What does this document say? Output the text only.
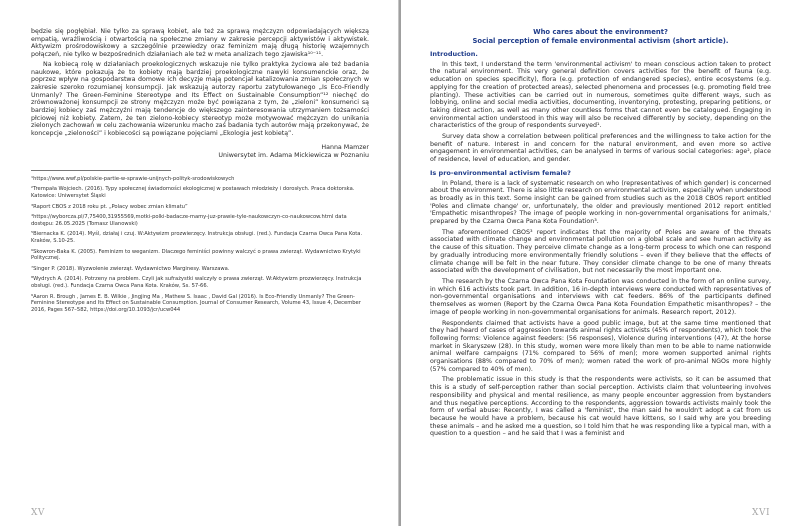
będzie się pogłębiał. Nie tylko za sprawą kobiet, ale też za sprawą mężczyzn odpowiadających większą empatią, wrażliwością i otwartością na społeczne zmiany w zakresie percepcji aktywistów i aktywistek. Aktywizm prośrodowiskowy a szczególnie przewiedzy oraz feminizm mają długą historię wzajemnych połączeń, nie tylko w bezpośrednich działaniach ale też w meta analizach tego zjawiska¹⁰⁻¹¹.

Na kobiecą rolę w działaniach proekologicznych wskazuje nie tylko praktyka życiowa ale też badania naukowe, które pokazują że to kobiety mają bardziej proekologiczne nawyki konsumenckie oraz, że poprzez wpływ na gospodarstwa domowe ich decyzje mają potencjał katalizowania zmian społecznych w zakresie szeroko rozumianej konsumpcji. Jak wskazują autorzy raportu zatytułowanego „Is Eco-Friendly Unmanly? The Green-Feminine Stereotype and Its Effect on Sustainable Consumption”¹² niechęć do zrównoważonej konsumpcji ze strony mężczyzn może być powiązana z tym, że „zieloni” konsumenci są bardziej kobiecy zaś mężczyźni mają tendencje do większego zainteresowania utrzymaniem tożsamości płciowej niż kobiety. Zatem, że ten zielono-kobiecy stereotyp może motywować mężczyzn do unikania zielonych zachowań w celu zachowania wizerunku macho zaś badania tych autorów mają przekonywać, że koncepcje „zieloności” i kobiecości są powiązane pojęciami „Ekologia jest kobietą”.

Hanna Mamzer
Uniwersytet im. Adama Mickiewicza w Poznaniu
¹https://www.wwf.pl/polskie-partie-w-sprawie-unijnych-polityk-srodowiskowych
²Trempała Wojciech. (2016). Typy społecznej świadomości ekologicznej w postawach młodzieży i dorosłych. Praca doktorska. Katowice: Uniwersytet Śląski
³Raport CBOS z 2018 roku pt. „Polacy wobec zmian klimatu”
⁴https://wyborcza.pl/7,75400,31955569,motki-polki-badacze-mamy-juz-prawie-tyle-naukowczyn-co-naukowcow.html data dostępu: 26.05.2025 (Tomasz Ulanowski)
⁵Biernacka K. (2014). Myśl, działaj i czuj. W:Aktywizm prozwierzęcy. Instrukcja obsługi. (red.). Fundacja Czarna Owca Pana Kota. Kraków, S.10-25.
⁶Skowron-Baka K. (2005). Feminizm to weganizm. Dlaczego feminiści powinny walczyć o prawa zwierząt. Wydawnictwo Krytyki Politycznej.
⁷Singer P. (2018). Wyzwolenie zwierząt. Wydawnictwo Marginesy. Warszawa.
⁸Wydrych A. (2014). Potrzeny na problem. Czyli jak sufrażystki walczyły o prawa zwierząt. W:Aktywizm prozwierzęcy. Instrukcja obsługi. (red.). Fundacja Czarna Owca Pana Kota. Kraków, Ss. 57-66.
⁹Aaron R. Brough , James E. B. Wilkie , Jingjing Ma , Mathew S. Isaac , David Gal (2016). Is Eco-Friendly Unmanly? The Green-Feminine Stereotype and Its Effect on Sustainable Consumption. Journal of Consumer Research, Volume 43, Issue 4, December 2016, Pages 567–582, https://doi.org/10.1093/jcr/ucw044
XV
Who cares about the environment?
Social perception of female environmental activism (short article).
Introduction.

In this text, I understand the term 'environmental activism' to mean conscious action taken to protect the natural environment. This very general definition covers activities for the benefit of fauna (e.g. education on species specificity), flora (e.g. protection of endangered species), entire ecosystems (e.g. applying for the creation of protected areas), selected phenomena and processes (e.g. promoting field tree planting). These activities can be carried out in numerous, sometimes quite different ways, such as lobbying, online and social media activities, documenting, inventorying, protesting, preparing petitions, or taking direct action, as well as many other countless forms that cannot even be catalogued. Engaging in environmental action understood in this way will also be received differently by society, depending on the characteristics of the group of respondents surveyed¹.

Survey data show a correlation between political preferences and the willingness to take action for the benefit of nature. Interest in and concern for the natural environment, and even more so active engagement in environmental activities, can be analysed in terms of various social categories: age², place of residence, level of education, and gender.

Is pro-environmental activism female?

In Poland, there is a lack of systematic research on who (representatives of which gender) is concerned about the environment. There is also little research on environmental activism, especially when understood as broadly as in this text. Some insight can be gained from studies such as the 2018 CBOS report entitled 'Poles and climate change' or, unfortunately, the older and previously mentioned 2012 report entitled 'Empathetic misanthropes? The image of people working in non-governmental organisations for animals,' prepared by the Czarna Owca Pana Kota Foundation³.

The aforementioned CBOS³ report indicates that the majority of Poles are aware of the threats associated with climate change and environmental pollution on a global scale and see human activity as the cause of this situation. They perceive climate change as a long-term process to which one can respond by gradually introducing more environmentally friendly solutions – even if they believe that the effects of climate change will be felt in the near future. They consider climate change to be one of many threats associated with the development of civilisation, but not necessarily the most important one.

The research by the Czarna Owca Pana Kota Foundation was conducted in the form of an online survey, in which 616 activists took part. In addition, 16 in-depth interviews were conducted with representatives of non-governmental organisations and interviews with cat feeders. 86% of the participants defined themselves as women (Report by the Czarna Owca Pana Kota Foundation Empathetic misanthropes? – the image of people working in non-governmental organisations for animals. Research report, 2012).

Respondents claimed that activists have a good public image, but at the same time mentioned that they had heard of cases of aggression towards animal rights activists (45% of respondents), which took the following forms: Violence against feeders: (56 responses), Violence during interventions (47), At the horse market in Skaryszew (28). In this study, women were more likely than men to be able to name nationwide animal welfare campaigns (71% compared to 56% of men); more women supported animal rights organisations (88% compared to 70% of men); women rated the work of pro-animal NGOs more highly (57% compared to 40% of men).

The problematic issue in this study is that the respondents were activists, so it can be assumed that this is a study of self-perception rather than social perception. Activists claim that volunteering involves responsibility and physical and mental resilience, as many people encounter aggression from bystanders and thus negative perceptions. According to the respondents, aggression towards activists mainly took the form of verbal abuse: Recently, I was called a 'feminist', the man said he wouldn't adopt a cat from us because he would have a problem, because his cat would have kittens, so I said why are you breeding these animals – and he asked me a question, so I told him that he was responding like a typical man, with a question to a question – and he said that I was a feminist and

XVI
